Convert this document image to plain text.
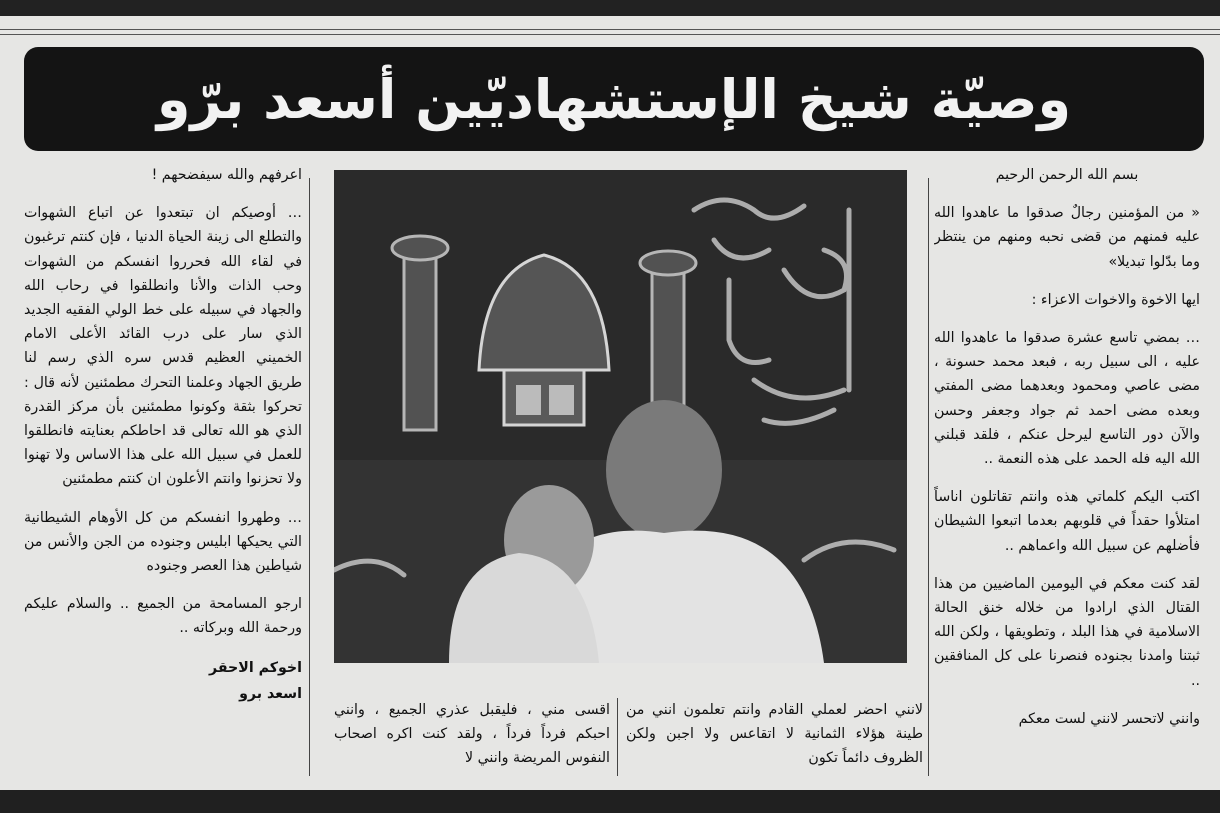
وصيّة شيخ الإستشهاديّين أسعد برّو

بسم الله الرحمن الرحيم

« من المؤمنين رجالٌ صدقوا ما عاهدوا الله عليه فمنهم من قضى نحبه ومنهم من ينتظر وما بدّلوا تبديلا»

ايها الاخوة والاخوات الاعزاء :

… بمضي تاسع عشرة صدقوا ما عاهدوا الله عليه ، الى سبيل ربه ، فبعد محمد حسونة ، مضى عاصي ومحمود وبعدهما مضى المفتي وبعده مضى احمد ثم جواد وجعفر وحسن والآن دور التاسع ليرحل عنكم ، فلقد قبلني الله اليه فله الحمد على هذه النعمة ..

اكتب اليكم كلماتي هذه وانتم تقاتلون اناساً امتلأوا حقداً في قلوبهم بعدما اتبعوا الشيطان فأضلهم عن سبيل الله واعماهم ..

لقد كنت معكم في اليومين الماضيين من هذا القتال الذي ارادوا من خلاله خنق الحالة الاسلامية في هذا البلد ، وتطويقها ، ولكن الله ثبتنا وامدنا بجنوده فنصرنا على كل المنافقين ..

وانني لاتحسر لانني لست معكم

اعرفهم والله سيفضحهم !

… أوصيكم ان تبتعدوا عن اتباع الشهوات والتطلع الى زينة الحياة الدنيا ، فإن كنتم ترغبون في لقاء الله فحرروا انفسكم من الشهوات وحب الذات والأنا وانطلقوا في رحاب الله والجهاد في سبيله على خط الولي الفقيه الجديد الذي سار على درب القائد الأعلى الامام الخميني العظيم قدس سره الذي رسم لنا طريق الجهاد وعلمنا التحرك مطمئنين لأنه قال : تحركوا بثقة وكونوا مطمئنين بأن مركز القدرة الذي هو الله تعالى قد احاطكم بعنايته فانطلقوا للعمل في سبيل الله على هذا الاساس ولا تهنوا ولا تحزنوا وانتم الأعلون ان كنتم مطمئنين

… وطهروا انفسكم من كل الأوهام الشيطانية التي يحيكها ابليس وجنوده من الجن والأنس من شياطين هذا العصر وجنوده

ارجو المسامحة من الجميع .. والسلام عليكم ورحمة الله وبركاته ..

اخوكم الاحقر

اسعد برو

لانني احضر لعملي القادم وانتم تعلمون انني من طينة هؤلاء الثمانية لا اتقاعس ولا اجبن ولكن الظروف دائماً تكون

اقسى مني ، فليقبل عذري الجميع ، وانني احبكم فرداً فرداً ، ولقد كنت اكره اصحاب النفوس المريضة وانني لا
